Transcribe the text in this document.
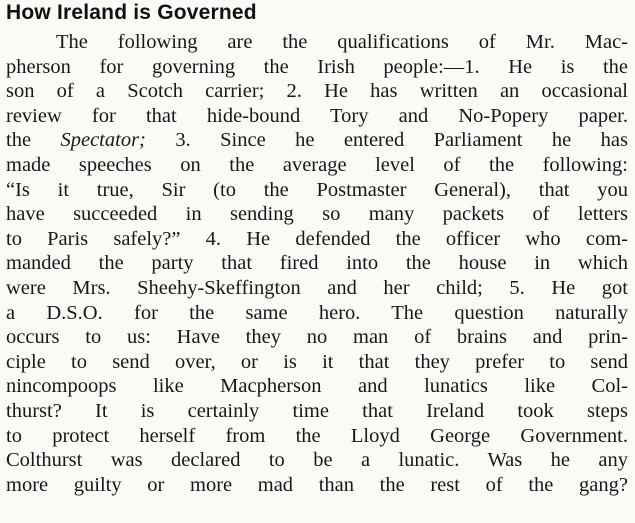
How Ireland is Governed
The following are the qualifications of Mr. Mac-
pherson for governing the Irish people:—1. He is the
son of a Scotch carrier; 2. He has written an occasional
review for that hide-bound Tory and No-Popery paper.
the Spectator; 3. Since he entered Parliament he has
made speeches on the average level of the following:
“Is it true, Sir (to the Postmaster General), that you
have succeeded in sending so many packets of letters
to Paris safely?” 4. He defended the officer who com-
manded the party that fired into the house in which
were Mrs. Sheehy-Skeffington and her child; 5. He got
a D.S.O. for the same hero. The question naturally
occurs to us: Have they no man of brains and prin-
ciple to send over, or is it that they prefer to send
nincompoops like Macpherson and lunatics like Col-
thurst? It is certainly time that Ireland took steps
to protect herself from the Lloyd George Government.
Colthurst was declared to be a lunatic. Was he any
more guilty or more mad than the rest of the gang?
